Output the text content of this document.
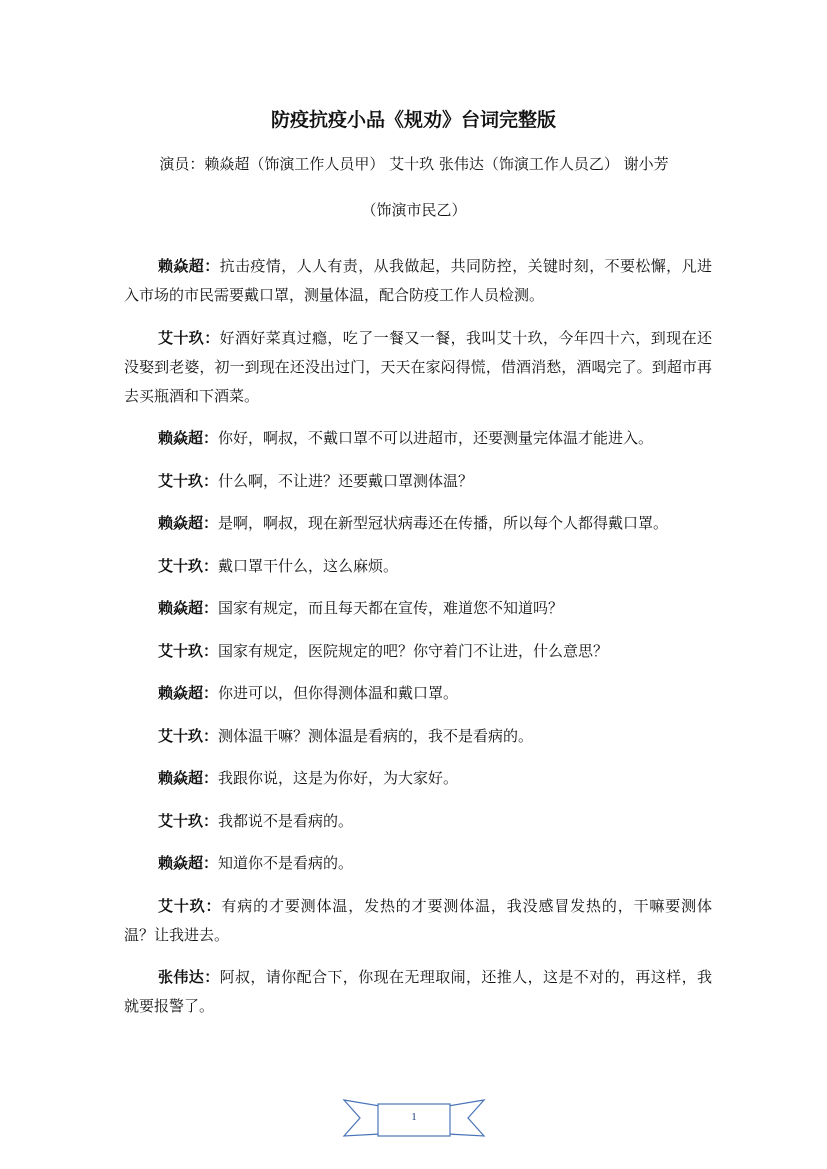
防疫抗疫小品《规劝》台词完整版
演员：赖焱超（饰演工作人员甲） 艾十玖 张伟达（饰演工作人员乙） 谢小芳
（饰演市民乙）

赖焱超：抗击疫情，人人有责，从我做起，共同防控，关键时刻，不要松懈，凡进入市场的市民需要戴口罩，测量体温，配合防疫工作人员检测。

艾十玖：好酒好菜真过瘾，吃了一餐又一餐，我叫艾十玖，今年四十六，到现在还没娶到老婆，初一到现在还没出过门，天天在家闷得慌，借酒消愁，酒喝完了。到超市再去买瓶酒和下酒菜。

赖焱超：你好，啊叔，不戴口罩不可以进超市，还要测量完体温才能进入。

艾十玖：什么啊，不让进？还要戴口罩测体温？

赖焱超：是啊，啊叔，现在新型冠状病毒还在传播，所以每个人都得戴口罩。

艾十玖：戴口罩干什么，这么麻烦。

赖焱超：国家有规定，而且每天都在宣传，难道您不知道吗？

艾十玖：国家有规定，医院规定的吧？你守着门不让进，什么意思？

赖焱超：你进可以，但你得测体温和戴口罩。

艾十玖：测体温干嘛？测体温是看病的，我不是看病的。

赖焱超：我跟你说，这是为你好，为大家好。

艾十玖：我都说不是看病的。

赖焱超：知道你不是看病的。

艾十玖：有病的才要测体温，发热的才要测体温，我没感冒发热的，干嘛要测体温？让我进去。

张伟达：阿叔，请你配合下，你现在无理取闹，还推人，这是不对的，再这样，我就要报警了。

1
